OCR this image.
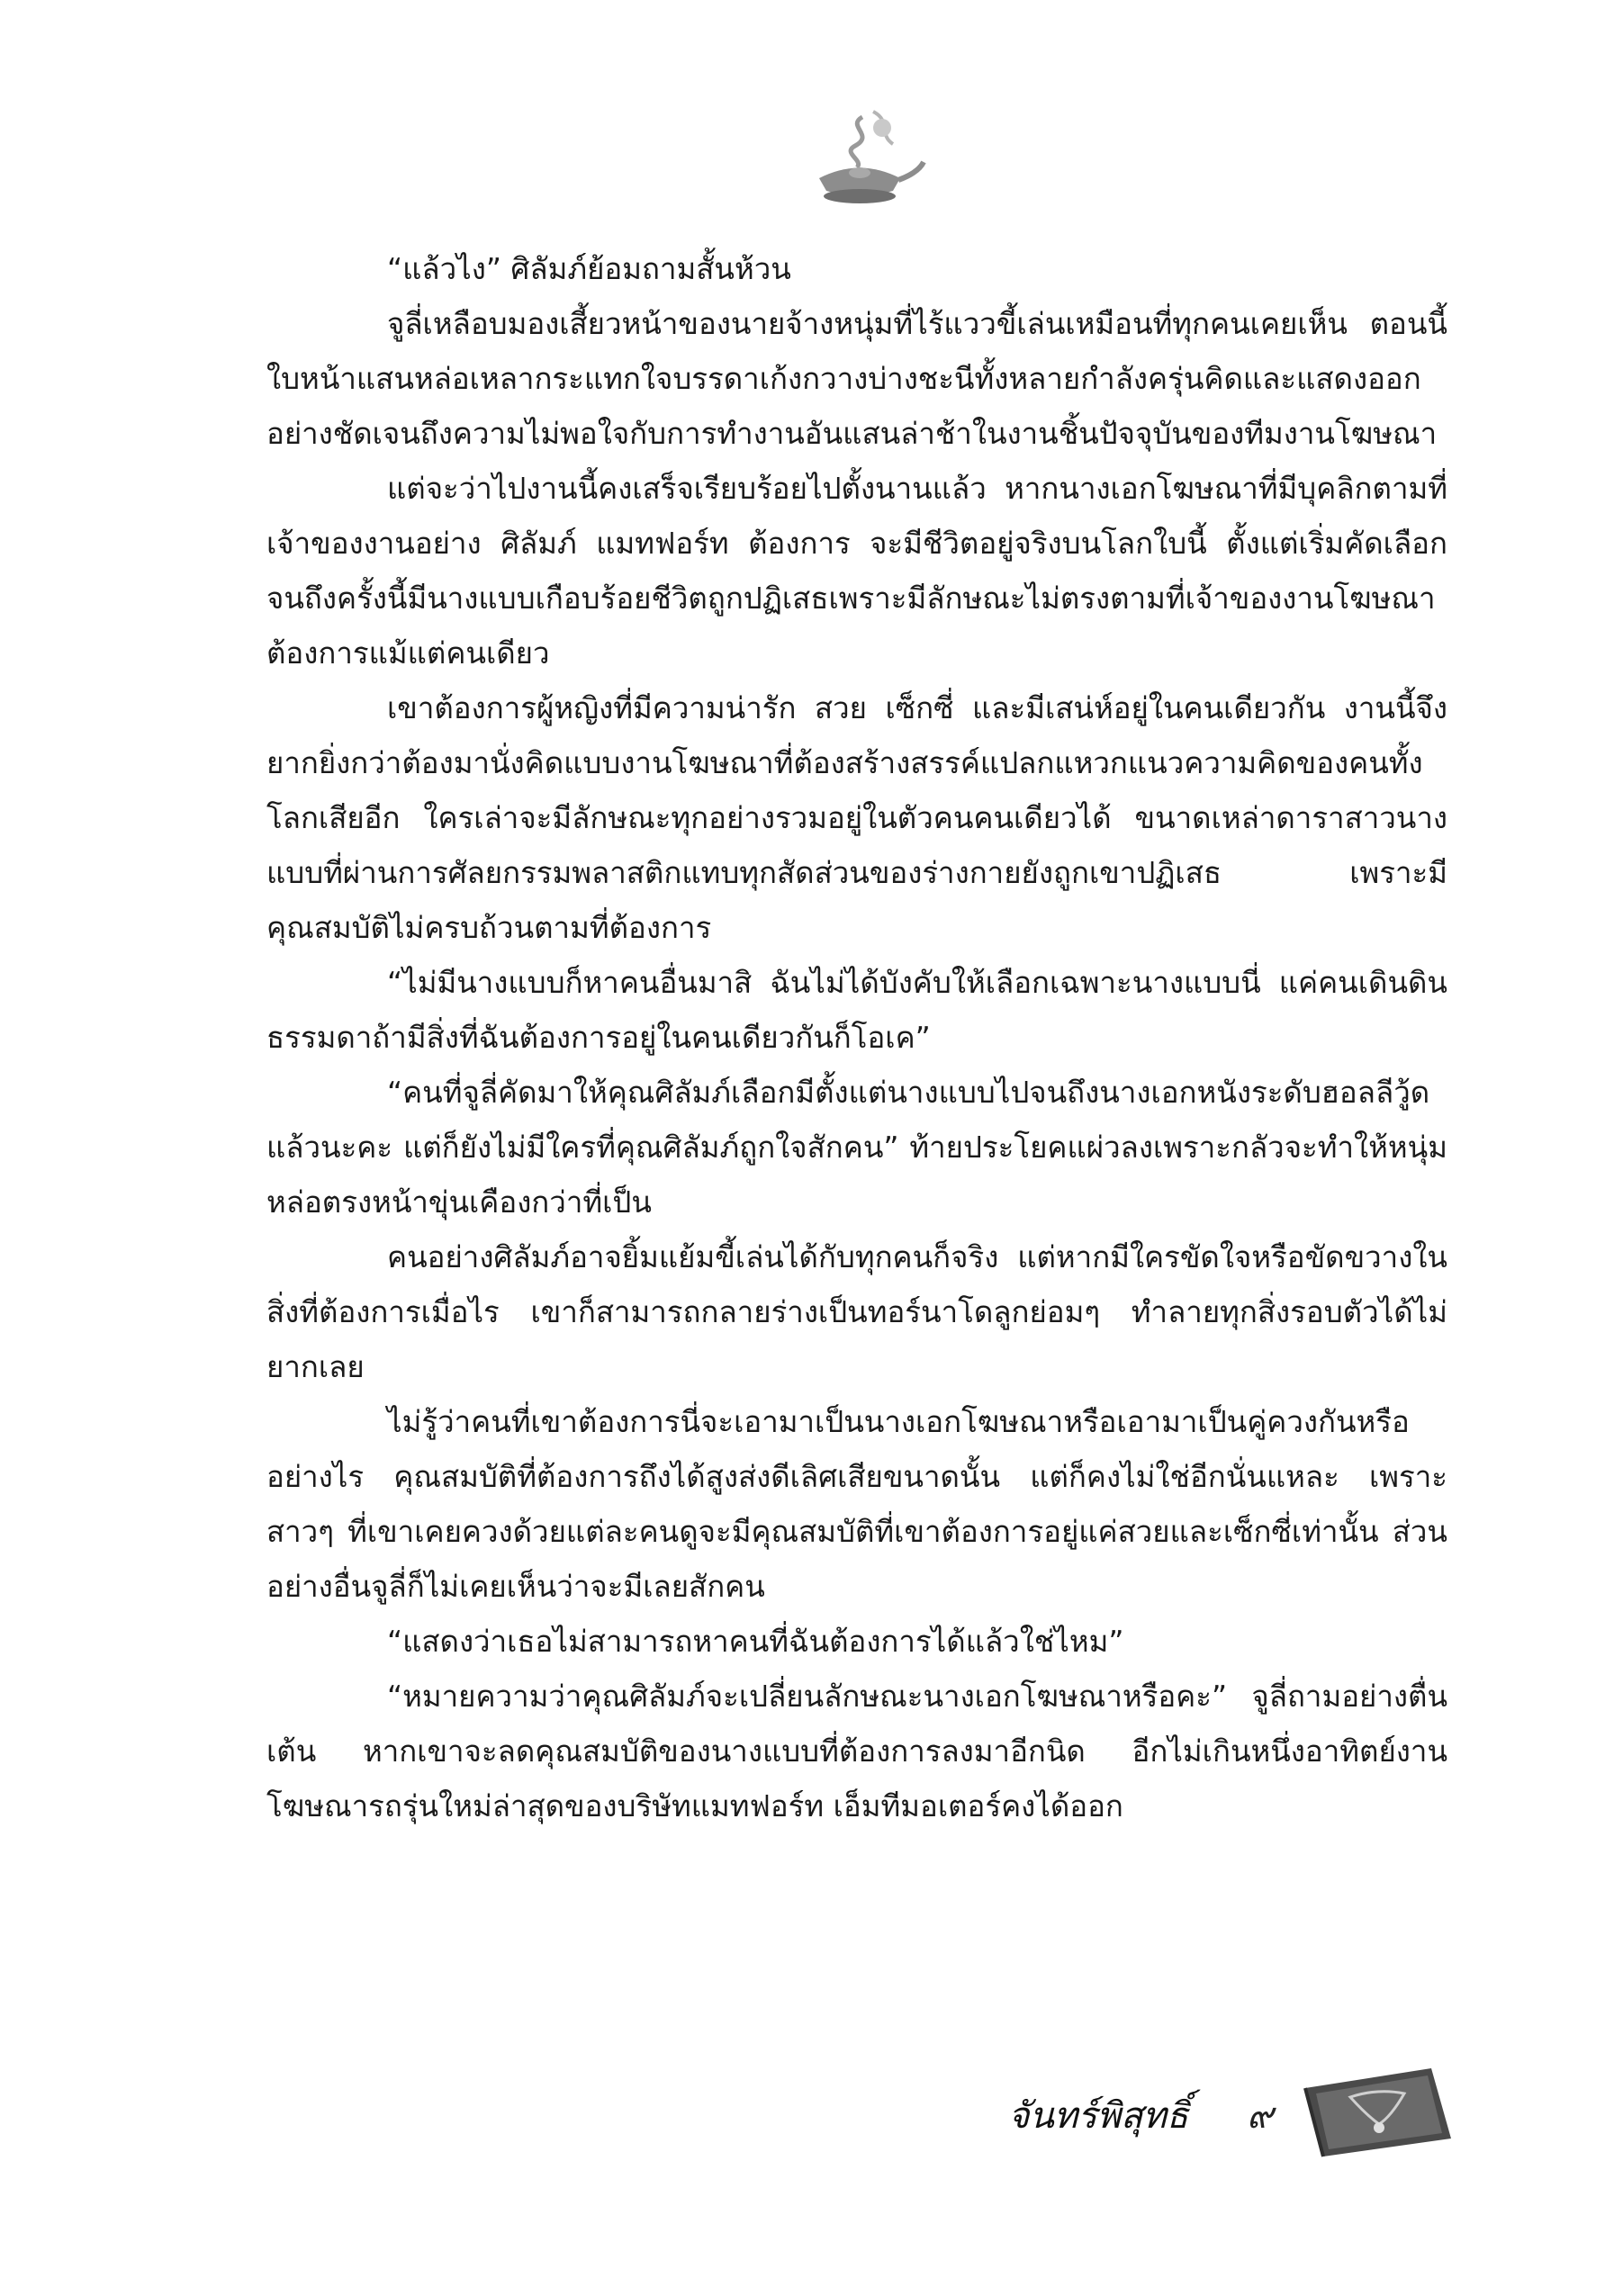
“แล้วไง” ศิลัมภ์ย้อมถามสั้นห้วน

จูลี่เหลือบมองเสี้ยวหน้าของนายจ้างหนุ่มที่ไร้แววขี้เล่นเหมือนที่ทุกคนเคยเห็น ตอนนี้ใบหน้าแสนหล่อเหลากระแทกใจบรรดาเก้งกวางบ่างชะนีทั้งหลายกำลังครุ่นคิดและแสดงออกอย่างชัดเจนถึงความไม่พอใจกับการทำงานอันแสนล่าช้าในงานชิ้นปัจจุบันของทีมงานโฆษณา

แต่จะว่าไปงานนี้คงเสร็จเรียบร้อยไปตั้งนานแล้ว หากนางเอกโฆษณาที่มีบุคลิกตามที่เจ้าของงานอย่าง ศิลัมภ์ แมทฟอร์ท ต้องการ จะมีชีวิตอยู่จริงบนโลกใบนี้ ตั้งแต่เริ่มคัดเลือกจนถึงครั้งนี้มีนางแบบเกือบร้อยชีวิตถูกปฏิเสธเพราะมีลักษณะไม่ตรงตามที่เจ้าของงานโฆษณาต้องการแม้แต่คนเดียว

เขาต้องการผู้หญิงที่มีความน่ารัก สวย เซ็กซี่ และมีเสน่ห์อยู่ในคนเดียวกัน งานนี้จึงยากยิ่งกว่าต้องมานั่งคิดแบบงานโฆษณาที่ต้องสร้างสรรค์แปลกแหวกแนวความคิดของคนทั้งโลกเสียอีก ใครเล่าจะมีลักษณะทุกอย่างรวมอยู่ในตัวคนคนเดียวได้ ขนาดเหล่าดาราสาวนางแบบที่ผ่านการศัลยกรรมพลาสติกแทบทุกสัดส่วนของร่างกายยังถูกเขาปฏิเสธ เพราะมีคุณสมบัติไม่ครบถ้วนตามที่ต้องการ

“ไม่มีนางแบบก็หาคนอื่นมาสิ ฉันไม่ได้บังคับให้เลือกเฉพาะนางแบบนี่ แค่คนเดินดินธรรมดาถ้ามีสิ่งที่ฉันต้องการอยู่ในคนเดียวกันก็โอเค”

“คนที่จูลี่คัดมาให้คุณศิลัมภ์เลือกมีตั้งแต่นางแบบไปจนถึงนางเอกหนังระดับฮอลลีวู้ดแล้วนะคะ แต่ก็ยังไม่มีใครที่คุณศิลัมภ์ถูกใจสักคน” ท้ายประโยคแผ่วลงเพราะกลัวจะทำให้หนุ่มหล่อตรงหน้าขุ่นเคืองกว่าที่เป็น

คนอย่างศิลัมภ์อาจยิ้มแย้มขี้เล่นได้กับทุกคนก็จริง แต่หากมีใครขัดใจหรือขัดขวางในสิ่งที่ต้องการเมื่อไร เขาก็สามารถกลายร่างเป็นทอร์นาโดลูกย่อมๆ ทำลายทุกสิ่งรอบตัวได้ไม่ยากเลย

ไม่รู้ว่าคนที่เขาต้องการนี่จะเอามาเป็นนางเอกโฆษณาหรือเอามาเป็นคู่ควงกันหรืออย่างไร คุณสมบัติที่ต้องการถึงได้สูงส่งดีเลิศเสียขนาดนั้น แต่ก็คงไม่ใช่อีกนั่นแหละ เพราะสาวๆ ที่เขาเคยควงด้วยแต่ละคนดูจะมีคุณสมบัติที่เขาต้องการอยู่แค่สวยและเซ็กซี่เท่านั้น ส่วนอย่างอื่นจูลี่ก็ไม่เคยเห็นว่าจะมีเลยสักคน

“แสดงว่าเธอไม่สามารถหาคนที่ฉันต้องการได้แล้วใช่ไหม”

“หมายความว่าคุณศิลัมภ์จะเปลี่ยนลักษณะนางเอกโฆษณาหรือคะ” จูลี่ถามอย่างตื่นเต้น หากเขาจะลดคุณสมบัติของนางแบบที่ต้องการลงมาอีกนิด อีกไม่เกินหนึ่งอาทิตย์งานโฆษณารถรุ่นใหม่ล่าสุดของบริษัทแมทฟอร์ท เอ็มทีมอเตอร์คงได้ออก

จันทร์พิสุทธิ์ ๙
